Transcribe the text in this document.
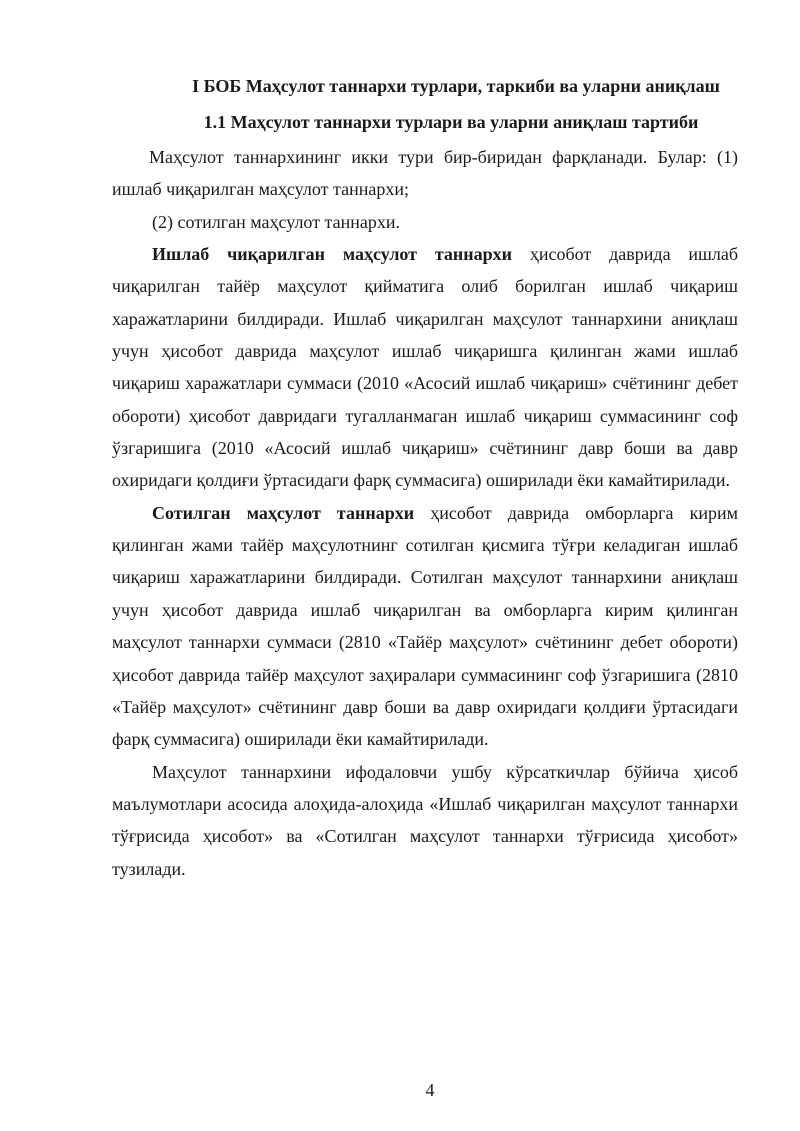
I БОБ Маҳсулот таннархи турлари, таркиби ва уларни аниқлаш
1.1 Маҳсулот таннархи турлари ва уларни аниқлаш тартиби

Маҳсулот таннархининг икки тури бир-биридан фарқланади. Булар: (1) ишлаб чиқарилган маҳсулот таннархи;

(2) сотилган маҳсулот таннархи.

Ишлаб чиқарилган маҳсулот таннархи ҳисобот даврида ишлаб чиқарилган тайёр маҳсулот қийматига олиб борилган ишлаб чиқариш харажатларини билдиради. Ишлаб чиқарилган маҳсулот таннархини аниқлаш учун ҳисобот даврида маҳсулот ишлаб чиқаришга қилинган жами ишлаб чиқариш харажатлари суммаси (2010 «Асосий ишлаб чиқариш» счётининг дебет обороти) ҳисобот давридаги тугалланмаган ишлаб чиқариш суммасининг соф ўзгаришига (2010 «Асосий ишлаб чиқариш» счётининг давр боши ва давр охиридаги қолдиғи ўртасидаги фарқ суммасига) оширилади ёки камайтирилади.

Сотилган маҳсулот таннархи ҳисобот даврида омборларга кирим қилинган жами тайёр маҳсулотнинг сотилган қисмига тўғри келадиган ишлаб чиқариш харажатларини билдиради. Сотилган маҳсулот таннархини аниқлаш учун ҳисобот даврида ишлаб чиқарилган ва омборларга кирим қилинган маҳсулот таннархи суммаси (2810 «Тайёр маҳсулот» счётининг дебет обороти) ҳисобот даврида тайёр маҳсулот заҳиралари суммасининг соф ўзгаришига (2810 «Тайёр маҳсулот» счётининг давр боши ва давр охиридаги қолдиғи ўртасидаги фарқ суммасига) оширилади ёки камайтирилади.

Маҳсулот таннархини ифодаловчи ушбу кўрсаткичлар бўйича ҳисоб маълумотлари асосида алоҳида-алоҳида «Ишлаб чиқарилган маҳсулот таннархи тўғрисида ҳисобот» ва «Сотилган маҳсулот таннархи тўғрисида ҳисобот» тузилади.

4
